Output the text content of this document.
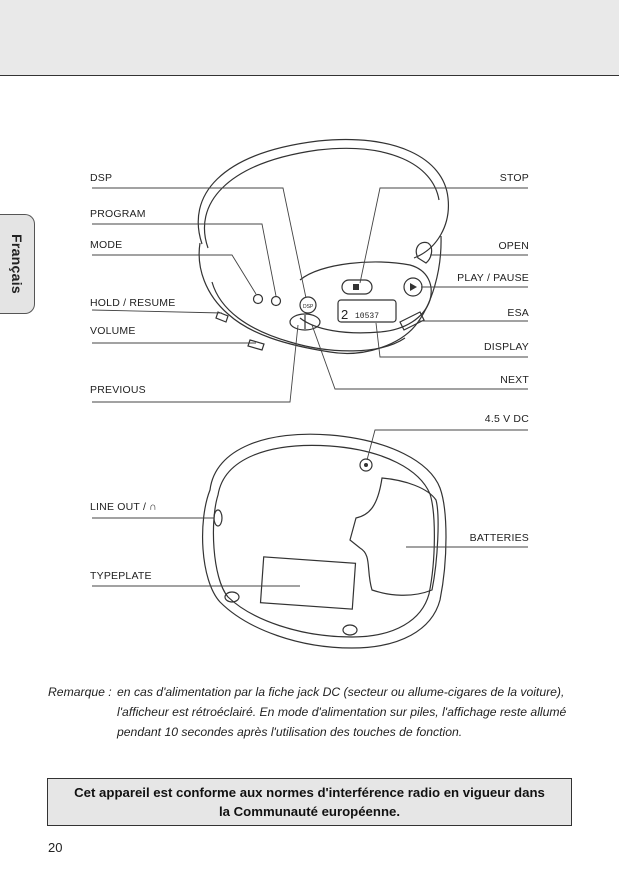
Français
DSP 2 10537
DSP
PROGRAM
MODE
HOLD / RESUME
VOLUME
PREVIOUS
LINE OUT / ∩
TYPEPLATE
STOP
OPEN
PLAY / PAUSE
ESA
DISPLAY
NEXT
4.5 V DC
BATTERIES
Remarque : en cas d'alimentation par la fiche jack DC (secteur ou allume-cigares de la voiture), l'afficheur est rétroéclairé. En mode d'alimentation sur piles, l'affichage reste allumé pendant 10 secondes après l'utilisation des touches de fonction.
Cet appareil est conforme aux normes d'interférence radio en vigueur dans la Communauté européenne.
20
